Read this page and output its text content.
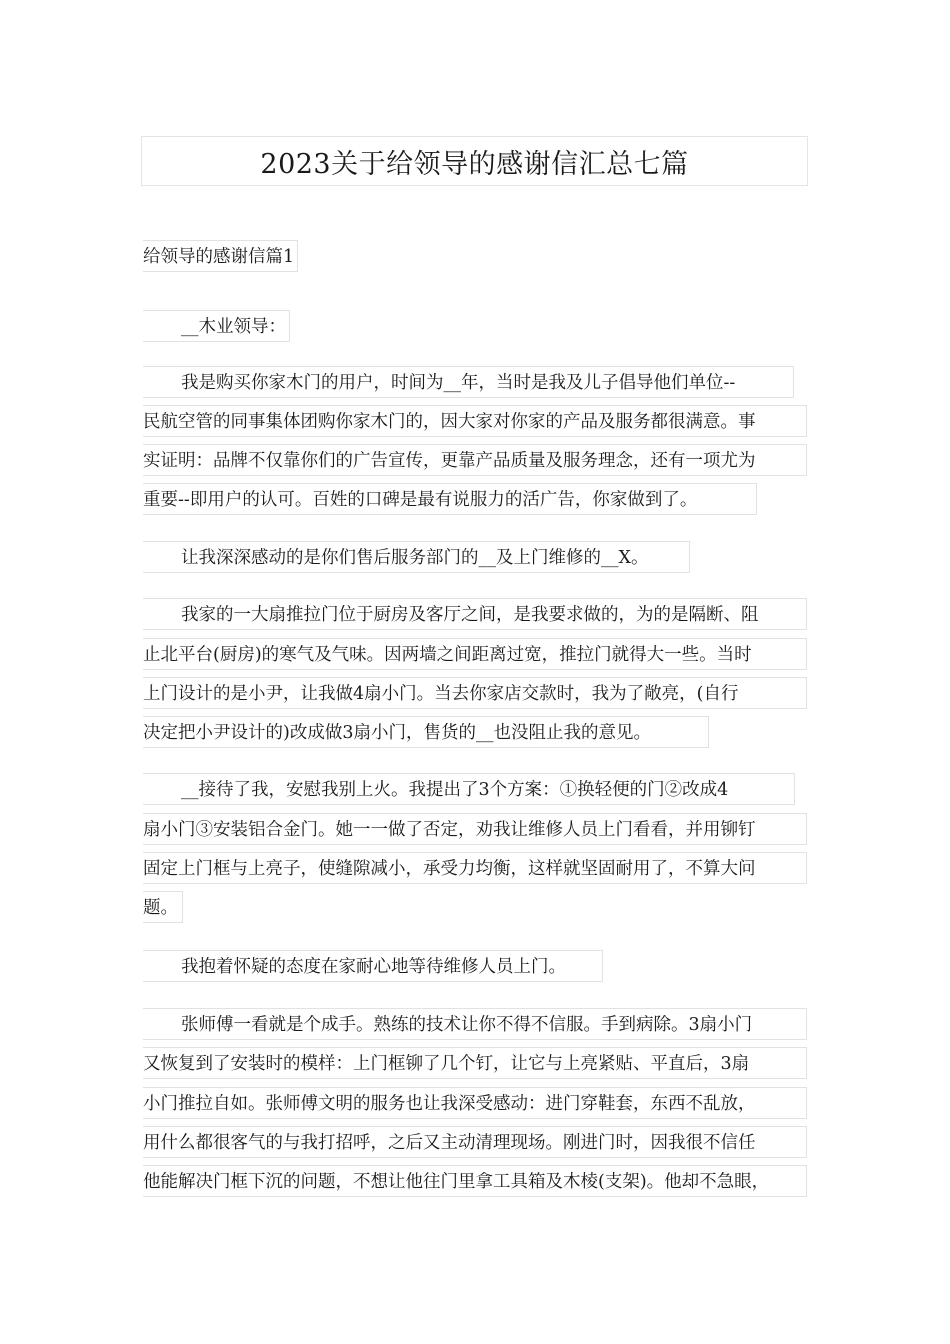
2023关于给领导的感谢信汇总七篇
给领导的感谢信篇1
__木业领导：
我是购买你家木门的用户，时间为__年，当时是我及儿子倡导他们单位--
民航空管的同事集体团购你家木门的，因大家对你家的产品及服务都很满意。事
实证明：品牌不仅靠你们的广告宣传，更靠产品质量及服务理念，还有一项尤为
重要--即用户的认可。百姓的口碑是最有说服力的活广告，你家做到了。
让我深深感动的是你们售后服务部门的__及上门维修的__X。
我家的一大扇推拉门位于厨房及客厅之间，是我要求做的，为的是隔断、阻
止北平台(厨房)的寒气及气味。因两墙之间距离过宽，推拉门就得大一些。当时
上门设计的是小尹，让我做4扇小门。当去你家店交款时，我为了敞亮，(自行
决定把小尹设计的)改成做3扇小门，售货的__也没阻止我的意见。
__接待了我，安慰我别上火。我提出了3个方案：①换轻便的门②改成4
扇小门③安装铝合金门。她一一做了否定，劝我让维修人员上门看看，并用铆钉
固定上门框与上亮子，使缝隙减小，承受力均衡，这样就坚固耐用了，不算大问
题。
我抱着怀疑的态度在家耐心地等待维修人员上门。
张师傅一看就是个成手。熟练的技术让你不得不信服。手到病除。3扇小门
又恢复到了安装时的模样：上门框铆了几个钉，让它与上亮紧贴、平直后，3扇
小门推拉自如。张师傅文明的服务也让我深受感动：进门穿鞋套，东西不乱放，
用什么都很客气的与我打招呼，之后又主动清理现场。刚进门时，因我很不信任
他能解决门框下沉的问题，不想让他往门里拿工具箱及木棱(支架)。他却不急眼，
